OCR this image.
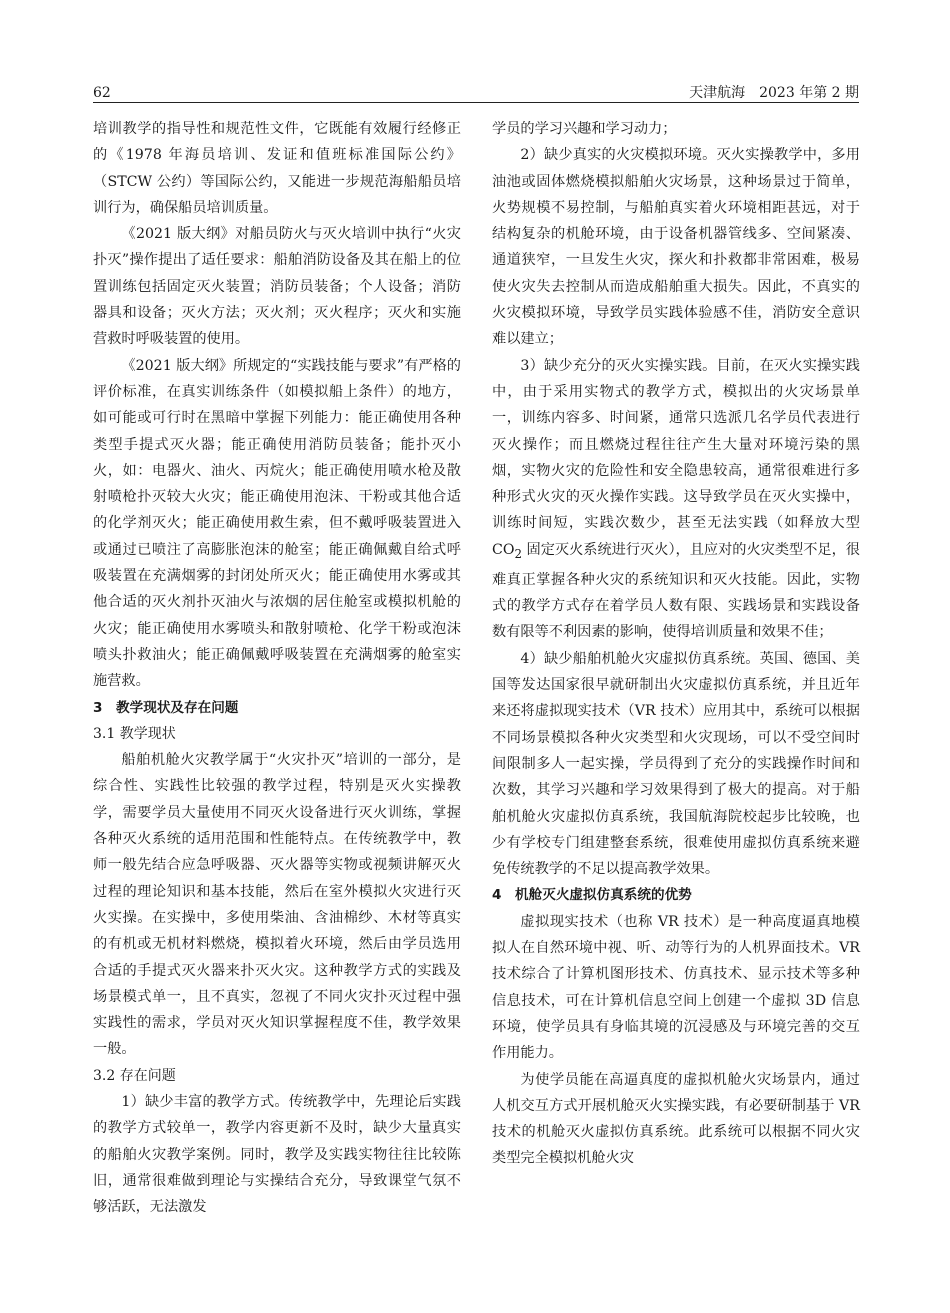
62	天津航海　2023 年第 2 期

培训教学的指导性和规范性文件，它既能有效履行经修正的《1978 年海员培训、发证和值班标准国际公约》（STCW 公约）等国际公约，又能进一步规范海船船员培训行为，确保船员培训质量。

《2021 版大纲》对船员防火与灭火培训中执行“火灾扑灭”操作提出了适任要求：船舶消防设备及其在船上的位置训练包括固定灭火装置；消防员装备；个人设备；消防器具和设备；灭火方法；灭火剂；灭火程序；灭火和实施营救时呼吸装置的使用。

《2021 版大纲》所规定的“实践技能与要求”有严格的评价标准，在真实训练条件（如模拟船上条件）的地方，如可能或可行时在黑暗中掌握下列能力：能正确使用各种类型手提式灭火器；能正确使用消防员装备；能扑灭小火，如：电器火、油火、丙烷火；能正确使用喷水枪及散射喷枪扑灭较大火灾；能正确使用泡沫、干粉或其他合适的化学剂灭火；能正确使用救生索，但不戴呼吸装置进入或通过已喷注了高膨胀泡沫的舱室；能正确佩戴自给式呼吸装置在充满烟雾的封闭处所灭火；能正确使用水雾或其他合适的灭火剂扑灭油火与浓烟的居住舱室或模拟机舱的火灾；能正确使用水雾喷头和散射喷枪、化学干粉或泡沫喷头扑救油火；能正确佩戴呼吸装置在充满烟雾的舱室实施营救。

3　教学现状及存在问题

3.1 教学现状

船舶机舱火灾教学属于“火灾扑灭”培训的一部分，是综合性、实践性比较强的教学过程，特别是灭火实操教学，需要学员大量使用不同灭火设备进行灭火训练，掌握各种灭火系统的适用范围和性能特点。在传统教学中，教师一般先结合应急呼吸器、灭火器等实物或视频讲解灭火过程的理论知识和基本技能，然后在室外模拟火灾进行灭火实操。在实操中，多使用柴油、含油棉纱、木材等真实的有机或无机材料燃烧，模拟着火环境，然后由学员选用合适的手提式灭火器来扑灭火灾。这种教学方式的实践及场景模式单一，且不真实，忽视了不同火灾扑灭过程中强实践性的需求，学员对灭火知识掌握程度不佳，教学效果一般。

3.2 存在问题

1）缺少丰富的教学方式。传统教学中，先理论后实践的教学方式较单一，教学内容更新不及时，缺少大量真实的船舶火灾教学案例。同时，教学及实践实物往往比较陈旧，通常很难做到理论与实操结合充分，导致课堂气氛不够活跃，无法激发

学员的学习兴趣和学习动力；

2）缺少真实的火灾模拟环境。灭火实操教学中，多用油池或固体燃烧模拟船舶火灾场景，这种场景过于简单，火势规模不易控制，与船舶真实着火环境相距甚远，对于结构复杂的机舱环境，由于设备机器管线多、空间紧凑、通道狭窄，一旦发生火灾，探火和扑救都非常困难，极易使火灾失去控制从而造成船舶重大损失。因此，不真实的火灾模拟环境，导致学员实践体验感不佳，消防安全意识难以建立；

3）缺少充分的灭火实操实践。目前，在灭火实操实践中，由于采用实物式的教学方式，模拟出的火灾场景单一，训练内容多、时间紧，通常只选派几名学员代表进行灭火操作；而且燃烧过程往往产生大量对环境污染的黑烟，实物火灾的危险性和安全隐患较高，通常很难进行多种形式火灾的灭火操作实践。这导致学员在灭火实操中，训练时间短，实践次数少，甚至无法实践（如释放大型 $CO_2$ 固定灭火系统进行灭火），且应对的火灾类型不足，很难真正掌握各种火灾的系统知识和灭火技能。因此，实物式的教学方式存在着学员人数有限、实践场景和实践设备数有限等不利因素的影响，使得培训质量和效果不佳；

4）缺少船舶机舱火灾虚拟仿真系统。英国、德国、美国等发达国家很早就研制出火灾虚拟仿真系统，并且近年来还将虚拟现实技术（VR 技术）应用其中，系统可以根据不同场景模拟各种火灾类型和火灾现场，可以不受空间时间限制多人一起实操，学员得到了充分的实践操作时间和次数，其学习兴趣和学习效果得到了极大的提高。对于船舶机舱火灾虚拟仿真系统，我国航海院校起步比较晚，也少有学校专门组建整套系统，很难使用虚拟仿真系统来避免传统教学的不足以提高教学效果。

4　机舱灭火虚拟仿真系统的优势

虚拟现实技术（也称 VR 技术）是一种高度逼真地模拟人在自然环境中视、听、动等行为的人机界面技术。VR 技术综合了计算机图形技术、仿真技术、显示技术等多种信息技术，可在计算机信息空间上创建一个虚拟 3D 信息环境，使学员具有身临其境的沉浸感及与环境完善的交互作用能力。

为使学员能在高逼真度的虚拟机舱火灾场景内，通过人机交互方式开展机舱灭火实操实践，有必要研制基于 VR 技术的机舱灭火虚拟仿真系统。此系统可以根据不同火灾类型完全模拟机舱火灾
